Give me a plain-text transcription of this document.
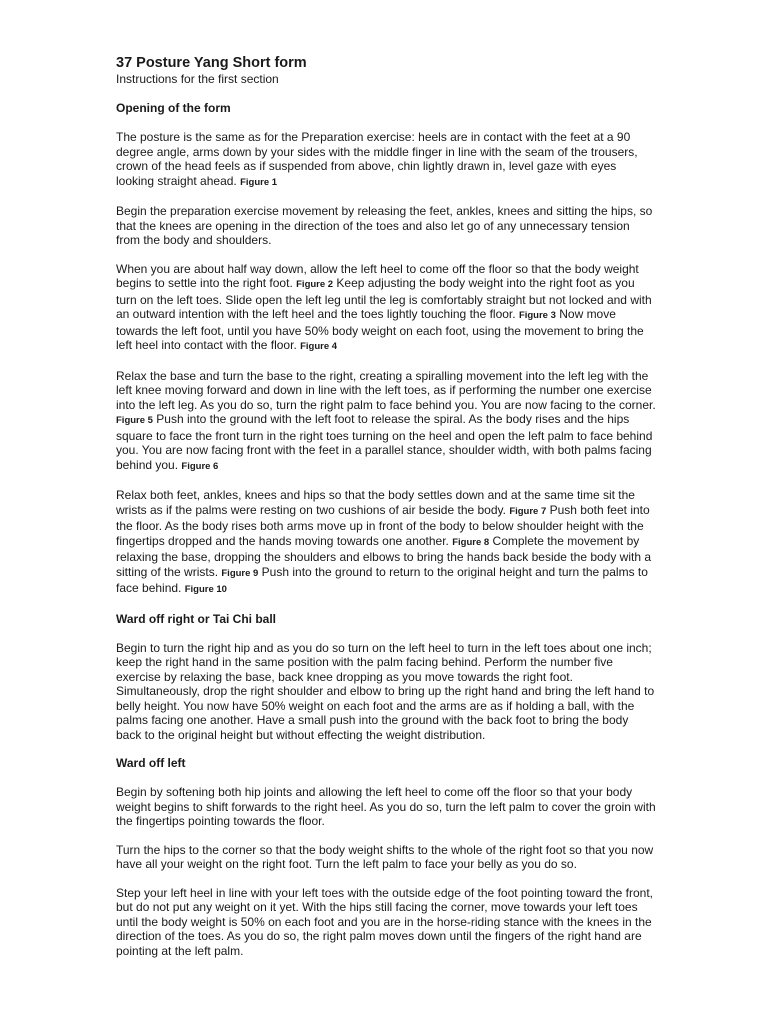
37 Posture Yang Short form

Instructions for the first section

Opening of the form

The posture is the same as for the Preparation exercise: heels are in contact with the feet at a 90 degree angle, arms down by your sides with the middle finger in line with the seam of the trousers, crown of the head feels as if suspended from above, chin lightly drawn in, level gaze with eyes looking straight ahead. Figure 1

Begin the preparation exercise movement by releasing the feet, ankles, knees and sitting the hips, so that the knees are opening in the direction of the toes and also let go of any unnecessary tension from the body and shoulders.

When you are about half way down, allow the left heel to come off the floor so that the body weight begins to settle into the right foot. Figure 2 Keep adjusting the body weight into the right foot as you turn on the left toes. Slide open the left leg until the leg is comfortably straight but not locked and with an outward intention with the left heel and the toes lightly touching the floor. Figure 3 Now move towards the left foot, until you have 50% body weight on each foot, using the movement to bring the left heel into contact with the floor. Figure 4

Relax the base and turn the base to the right, creating a spiralling movement into the left leg with the left knee moving forward and down in line with the left toes, as if performing the number one exercise into the left leg. As you do so, turn the right palm to face behind you. You are now facing to the corner. Figure 5 Push into the ground with the left foot to release the spiral. As the body rises and the hips square to face the front turn in the right toes turning on the heel and open the left palm to face behind you. You are now facing front with the feet in a parallel stance, shoulder width, with both palms facing behind you. Figure 6

Relax both feet, ankles, knees and hips so that the body settles down and at the same time sit the wrists as if the palms were resting on two cushions of air beside the body. Figure 7 Push both feet into the floor. As the body rises both arms move up in front of the body to below shoulder height with the fingertips dropped and the hands moving towards one another. Figure 8 Complete the movement by relaxing the base, dropping the shoulders and elbows to bring the hands back beside the body with a sitting of the wrists. Figure 9 Push into the ground to return to the original height and turn the palms to face behind. Figure 10

Ward off right or Tai Chi ball

Begin to turn the right hip and as you do so turn on the left heel to turn in the left toes about one inch; keep the right hand in the same position with the palm facing behind. Perform the number five exercise by relaxing the base, back knee dropping as you move towards the right foot. Simultaneously, drop the right shoulder and elbow to bring up the right hand and bring the left hand to belly height. You now have 50% weight on each foot and the arms are as if holding a ball, with the palms facing one another. Have a small push into the ground with the back foot to bring the body back to the original height but without effecting the weight distribution.

Ward off left

Begin by softening both hip joints and allowing the left heel to come off the floor so that your body weight begins to shift forwards to the right heel. As you do so, turn the left palm to cover the groin with the fingertips pointing towards the floor.

Turn the hips to the corner so that the body weight shifts to the whole of the right foot so that you now have all your weight on the right foot. Turn the left palm to face your belly as you do so.

Step your left heel in line with your left toes with the outside edge of the foot pointing toward the front, but do not put any weight on it yet. With the hips still facing the corner, move towards your left toes until the body weight is 50% on each foot and you are in the horse-riding stance with the knees in the direction of the toes. As you do so, the right palm moves down until the fingers of the right hand are pointing at the left palm.
